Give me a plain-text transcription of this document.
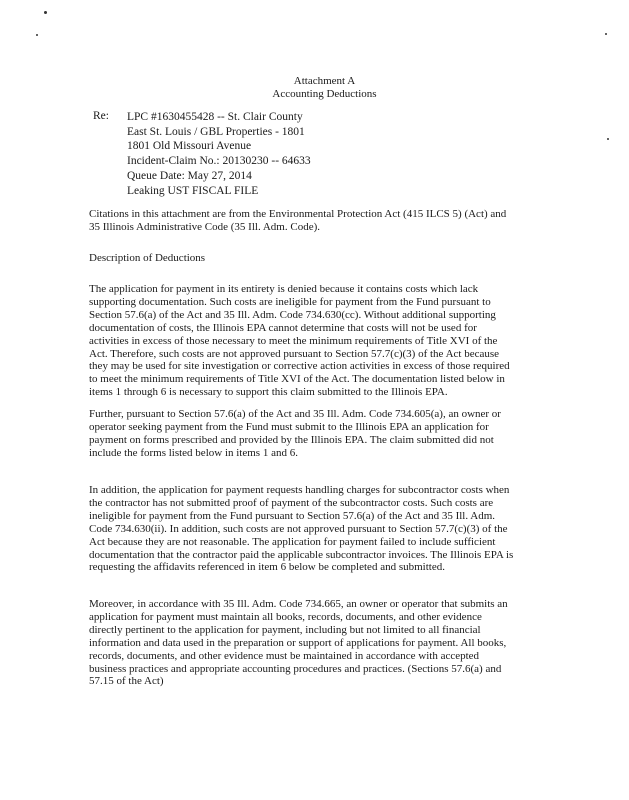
Attachment A
Accounting Deductions
Re: LPC #1630455428 -- St. Clair County
East St. Louis / GBL Properties - 1801
1801 Old Missouri Avenue
Incident-Claim No.: 20130230 -- 64633
Queue Date: May 27, 2014
Leaking UST FISCAL FILE
Citations in this attachment are from the Environmental Protection Act (415 ILCS 5) (Act) and
35 Illinois Administrative Code (35 Ill. Adm. Code).
Description of Deductions
The application for payment in its entirety is denied because it contains costs which lack
supporting documentation. Such costs are ineligible for payment from the Fund pursuant to
Section 57.6(a) of the Act and 35 Ill. Adm. Code 734.630(cc). Without additional supporting
documentation of costs, the Illinois EPA cannot determine that costs will not be used for
activities in excess of those necessary to meet the minimum requirements of Title XVI of the
Act. Therefore, such costs are not approved pursuant to Section 57.7(c)(3) of the Act because
they may be used for site investigation or corrective action activities in excess of those required
to meet the minimum requirements of Title XVI of the Act. The documentation listed below in
items 1 through 6 is necessary to support this claim submitted to the Illinois EPA.
Further, pursuant to Section 57.6(a) of the Act and 35 Ill. Adm. Code 734.605(a), an owner or
operator seeking payment from the Fund must submit to the Illinois EPA an application for
payment on forms prescribed and provided by the Illinois EPA. The claim submitted did not
include the forms listed below in items 1 and 6.
In addition, the application for payment requests handling charges for subcontractor costs when
the contractor has not submitted proof of payment of the subcontractor costs. Such costs are
ineligible for payment from the Fund pursuant to Section 57.6(a) of the Act and 35 Ill. Adm.
Code 734.630(ii). In addition, such costs are not approved pursuant to Section 57.7(c)(3) of the
Act because they are not reasonable. The application for payment failed to include sufficient
documentation that the contractor paid the applicable subcontractor invoices. The Illinois EPA is
requesting the affidavits referenced in item 6 below be completed and submitted.
Moreover, in accordance with 35 Ill. Adm. Code 734.665, an owner or operator that submits an
application for payment must maintain all books, records, documents, and other evidence
directly pertinent to the application for payment, including but not limited to all financial
information and data used in the preparation or support of applications for payment. All books,
records, documents, and other evidence must be maintained in accordance with accepted
business practices and appropriate accounting procedures and practices. (Sections 57.6(a) and
57.15 of the Act)
